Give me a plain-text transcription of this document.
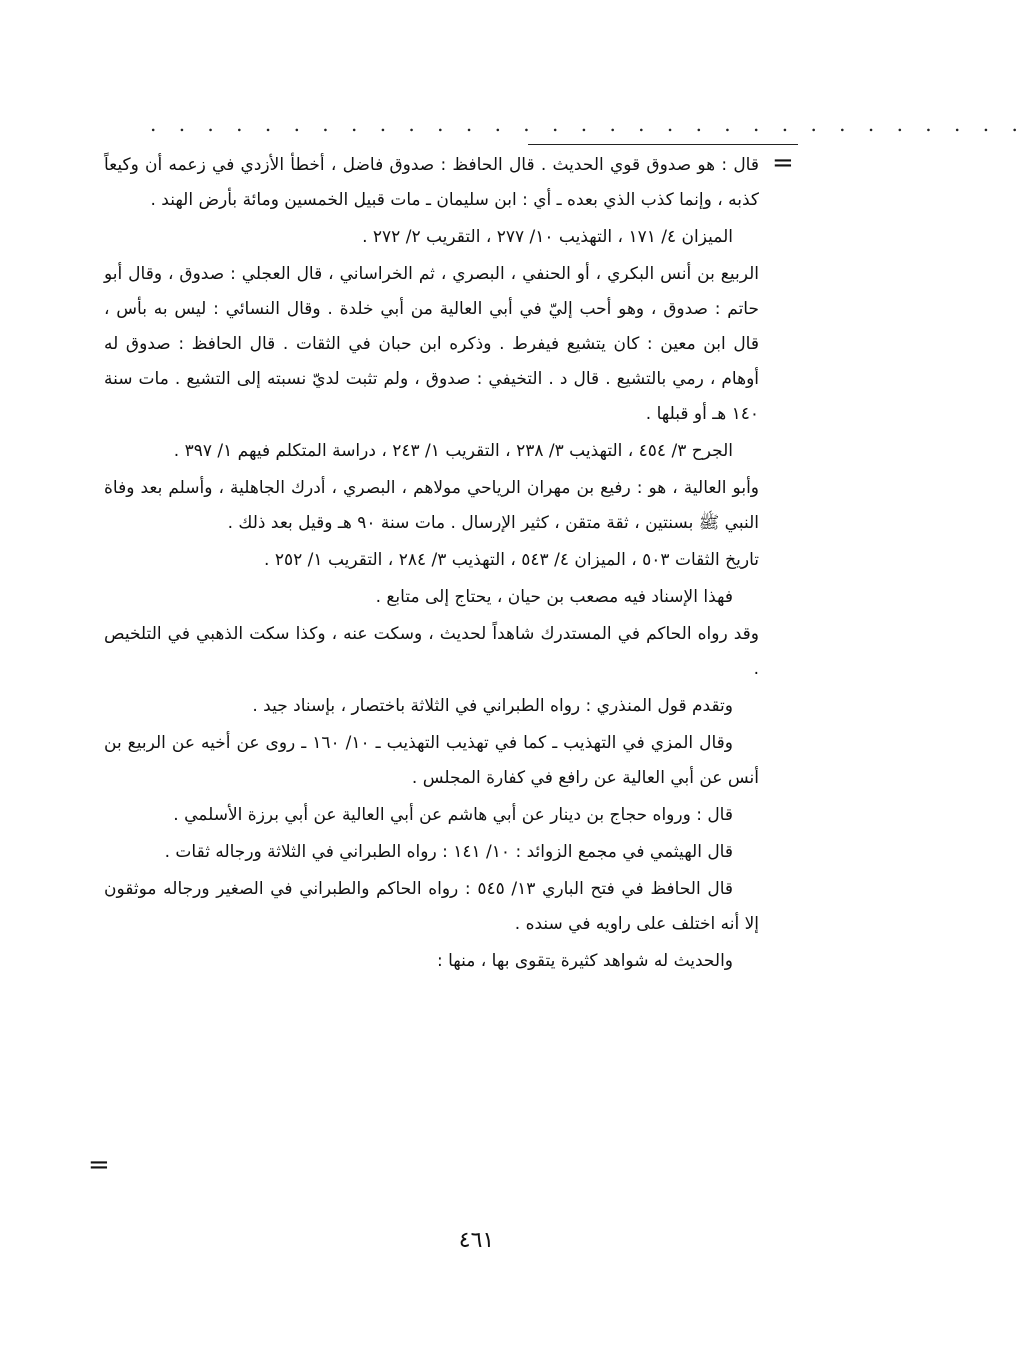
. . . . . . . . . . . . . . . . . . . . . . . . . . . . . . .
=

قال : هو صدوق قوي الحديث . قال الحافظ : صدوق فاضل ، أخطأ الأزدي في زعمه أن وكيعاً كذبه ، وإنما كذب الذي بعده ـ أي : ابن سليمان ـ مات قبيل الخمسين ومائة بأرض الهند .

الميزان ٤/ ١٧١ ، التهذيب ١٠/ ٢٧٧ ، التقريب ٢/ ٢٧٢ .

الربيع بن أنس البكري ، أو الحنفي ، البصري ، ثم الخراساني ، قال العجلي : صدوق ، وقال أبو حاتم : صدوق ، وهو أحب إليّ في أبي العالية من أبي خلدة . وقال النسائي : ليس به بأس ، قال ابن معين : كان يتشيع فيفرط . وذكره ابن حبان في الثقات . قال الحافظ : صدوق له أوهام ، رمي بالتشيع . قال د . التخيفي : صدوق ، ولم تثبت لديّ نسبته إلى التشيع . مات سنة ١٤٠ هـ أو قبلها .

الجرح ٣/ ٤٥٤ ، التهذيب ٣/ ٢٣٨ ، التقريب ١/ ٢٤٣ ، دراسة المتكلم فيهم ١/ ٣٩٧ .

وأبو العالية ، هو : رفيع بن مهران الرياحي مولاهم ، البصري ، أدرك الجاهلية ، وأسلم بعد وفاة النبي ﷺ بسنتين ، ثقة متقن ، كثير الإرسال . مات سنة ٩٠ هـ وقيل بعد ذلك .

تاريخ الثقات ٥٠٣ ، الميزان ٤/ ٥٤٣ ، التهذيب ٣/ ٢٨٤ ، التقريب ١/ ٢٥٢ .

فهذا الإسناد فيه مصعب بن حيان ، يحتاج إلى متابع .

وقد رواه الحاكم في المستدرك شاهداً لحديث ، وسكت عنه ، وكذا سكت الذهبي في التلخيص .

وتقدم قول المنذري : رواه الطبراني في الثلاثة باختصار ، بإسناد جيد .

وقال المزي في التهذيب ـ كما في تهذيب التهذيب ـ ١٠/ ١٦٠ ـ روى عن أخيه عن الربيع بن أنس عن أبي العالية عن رافع في كفارة المجلس .

قال : ورواه حجاج بن دينار عن أبي هاشم عن أبي العالية عن أبي برزة الأسلمي .

قال الهيثمي في مجمع الزوائد : ١٠/ ١٤١ : رواه الطبراني في الثلاثة ورجاله ثقات .

قال الحافظ في فتح الباري ١٣/ ٥٤٥ : رواه الحاكم والطبراني في الصغير ورجاله موثقون إلا أنه اختلف على راويه في سنده .

والحديث له شواهد كثيرة يتقوى بها ، منها :

=
٤٦١
